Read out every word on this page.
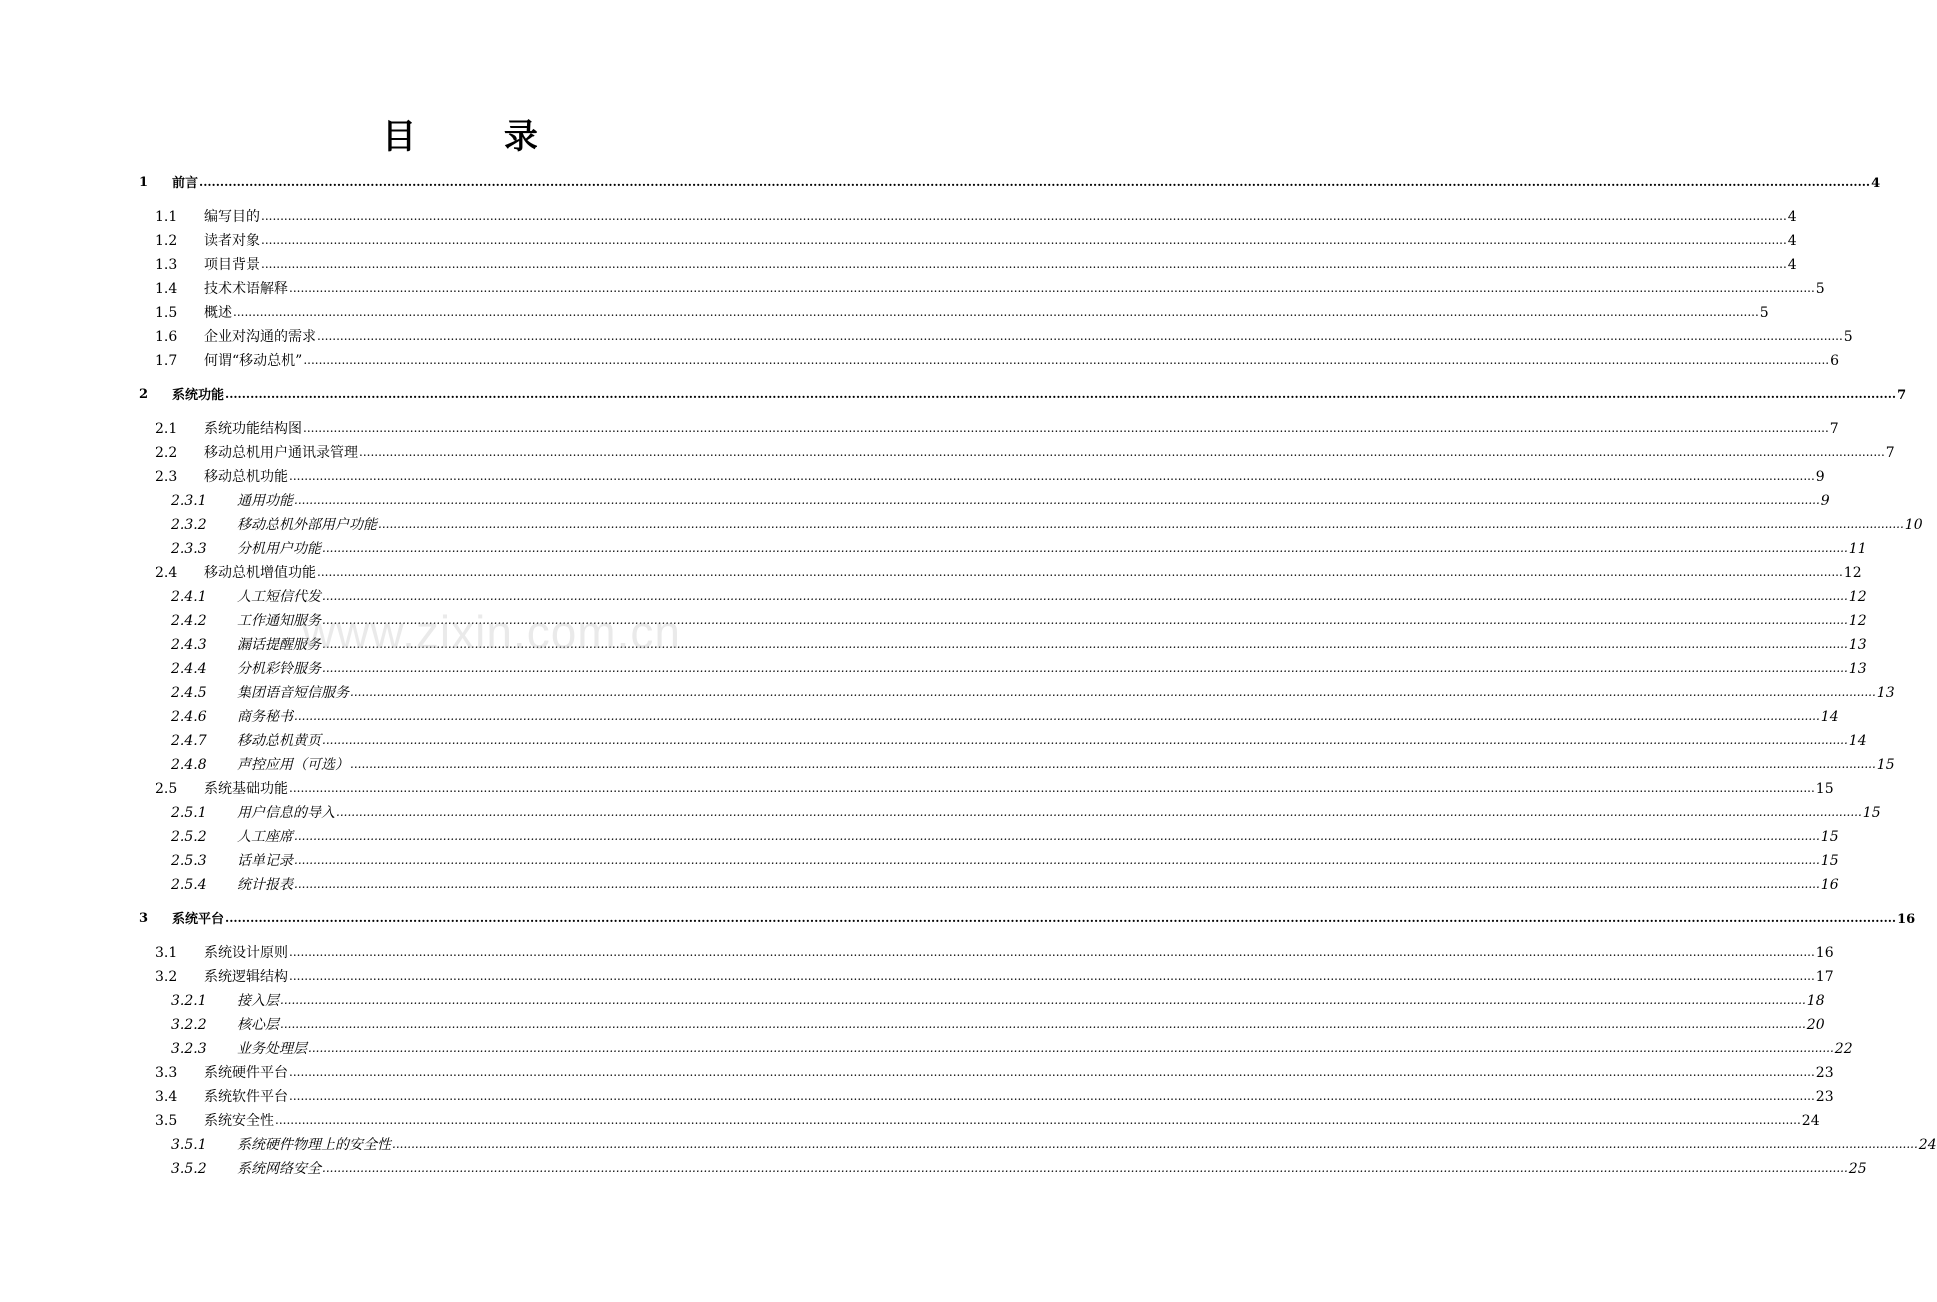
目 录
1 前言 ................................................................................................................................................................................................................................................................................................................................................................................................................ 4
1.1 编写目的 ................................................................................................................................................................................................................................................................................................................................................................................................................ 4
1.2 读者对象 ................................................................................................................................................................................................................................................................................................................................................................................................................ 4
1.3 项目背景 ................................................................................................................................................................................................................................................................................................................................................................................................................ 4
1.4 技术术语解释 ................................................................................................................................................................................................................................................................................................................................................................................................................ 5
1.5 概述 ................................................................................................................................................................................................................................................................................................................................................................................................................ 5
1.6 企业对沟通的需求 ................................................................................................................................................................................................................................................................................................................................................................................................................ 5
1.7 何谓“移动总机” ................................................................................................................................................................................................................................................................................................................................................................................................................ 6
2 系统功能 ................................................................................................................................................................................................................................................................................................................................................................................................................ 7
2.1 系统功能结构图 ................................................................................................................................................................................................................................................................................................................................................................................................................ 7
2.2 移动总机用户通讯录管理 ................................................................................................................................................................................................................................................................................................................................................................................................................ 7
2.3 移动总机功能 ................................................................................................................................................................................................................................................................................................................................................................................................................ 9
2.3.1 通用功能 ................................................................................................................................................................................................................................................................................................................................................................................................................ 9
2.3.2 移动总机外部用户功能 ................................................................................................................................................................................................................................................................................................................................................................................................................ 10
2.3.3 分机用户功能 ................................................................................................................................................................................................................................................................................................................................................................................................................ 11
2.4 移动总机增值功能 ................................................................................................................................................................................................................................................................................................................................................................................................................ 12
2.4.1 人工短信代发 ................................................................................................................................................................................................................................................................................................................................................................................................................ 12
2.4.2 工作通知服务 ................................................................................................................................................................................................................................................................................................................................................................................................................ 12
2.4.3 漏话提醒服务 ................................................................................................................................................................................................................................................................................................................................................................................................................ 13
2.4.4 分机彩铃服务 ................................................................................................................................................................................................................................................................................................................................................................................................................ 13
2.4.5 集团语音短信服务 ................................................................................................................................................................................................................................................................................................................................................................................................................ 13
2.4.6 商务秘书 ................................................................................................................................................................................................................................................................................................................................................................................................................ 14
2.4.7 移动总机黄页 ................................................................................................................................................................................................................................................................................................................................................................................................................ 14
2.4.8 声控应用（可选） ................................................................................................................................................................................................................................................................................................................................................................................................................ 15
2.5 系统基础功能 ................................................................................................................................................................................................................................................................................................................................................................................................................ 15
2.5.1 用户信息的导入 ................................................................................................................................................................................................................................................................................................................................................................................................................ 15
2.5.2 人工座席 ................................................................................................................................................................................................................................................................................................................................................................................................................ 15
2.5.3 话单记录 ................................................................................................................................................................................................................................................................................................................................................................................................................ 15
2.5.4 统计报表 ................................................................................................................................................................................................................................................................................................................................................................................................................ 16
3 系统平台 ................................................................................................................................................................................................................................................................................................................................................................................................................ 16
3.1 系统设计原则 ................................................................................................................................................................................................................................................................................................................................................................................................................ 16
3.2 系统逻辑结构 ................................................................................................................................................................................................................................................................................................................................................................................................................ 17
3.2.1 接入层 ................................................................................................................................................................................................................................................................................................................................................................................................................ 18
3.2.2 核心层 ................................................................................................................................................................................................................................................................................................................................................................................................................ 20
3.2.3 业务处理层 ................................................................................................................................................................................................................................................................................................................................................................................................................ 22
3.3 系统硬件平台 ................................................................................................................................................................................................................................................................................................................................................................................................................ 23
3.4 系统软件平台 ................................................................................................................................................................................................................................................................................................................................................................................................................ 23
3.5 系统安全性 ................................................................................................................................................................................................................................................................................................................................................................................................................ 24
3.5.1 系统硬件物理上的安全性 ................................................................................................................................................................................................................................................................................................................................................................................................................ 24
3.5.2 系统网络安全 ................................................................................................................................................................................................................................................................................................................................................................................................................ 25
www.zixin.com.cn
